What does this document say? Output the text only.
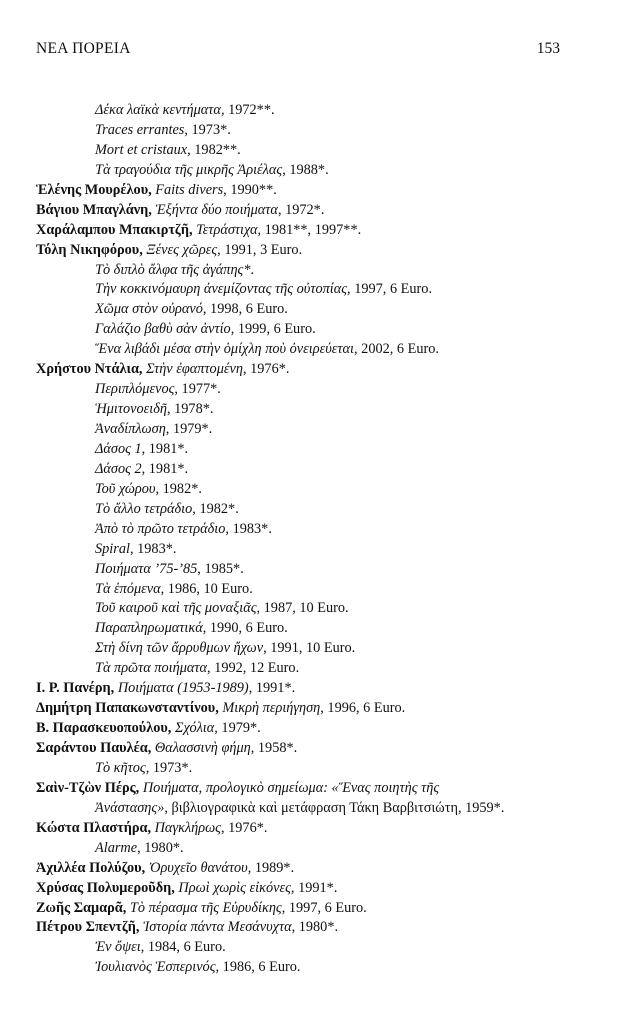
ΝΕΑ ΠΟΡΕΙΑ	153
Δέκα λαϊκὰ κεντήματα, 1972**.
Traces errantes, 1973*.
Mort et cristaux, 1982**.
Τὰ τραγούδια τῆς μικρῆς Ἀριέλας, 1988*.
Ἑλένης Μουρέλου, Faits divers, 1990**.
Βάγιου Μπαγλάνη, Ἑξήντα δύο ποιήματα, 1972*.
Χαράλαμπου Μπακιρτζῆ, Τετράστιχα, 1981**, 1997**.
Τόλη Νικηφόρου, Ξένες χῶρες, 1991, 3 Euro.
Τὸ διπλὸ ἄλφα τῆς ἀγάπης*.
Τὴν κοκκινόμαυρη ἀνεμίζοντας τῆς οὐτοπίας, 1997, 6 Euro.
Χῶμα στὸν οὐρανό, 1998, 6 Euro.
Γαλάζιο βαθὺ σὰν ἀντίο, 1999, 6 Euro.
Ἕνα λιβάδι μέσα στὴν ὁμίχλη ποὺ ὀνειρεύεται, 2002, 6 Euro.
Χρήστου Ντάλια, Στὴν ἐφαπτομένη, 1976*.
Περιπλόμενος, 1977*.
Ἡμιτονοειδῆ, 1978*.
Ἀναδίπλωση, 1979*.
Δάσος 1, 1981*.
Δάσος 2, 1981*.
Τοῦ χώρου, 1982*.
Τὸ ἄλλο τετράδιο, 1982*.
Ἀπὸ τὸ πρῶτο τετράδιο, 1983*.
Spiral, 1983*.
Ποιήματα ’75-’85, 1985*.
Τὰ ἑπόμενα, 1986, 10 Euro.
Τοῦ καιροῦ καὶ τῆς μοναξιᾶς, 1987, 10 Euro.
Παραπληρωματικά, 1990, 6 Euro.
Στὴ δίνη τῶν ἄρρυθμων ἤχων, 1991, 10 Euro.
Τὰ πρῶτα ποιήματα, 1992, 12 Euro.
I. Ρ. Πανέρη, Ποιήματα (1953-1989), 1991*.
Δημήτρη Παπακωνσταντίνου, Μικρὴ περιήγηση, 1996, 6 Euro.
B. Παρασκευοπούλου, Σχόλια, 1979*.
Σαράντου Παυλέα, Θαλασσινὴ φήμη, 1958*.
Τὸ κῆτος, 1973*.
Σαὶν-Τζὼν Πέρς, Ποιήματα, προλογικὸ σημείωμα: «Ἕνας ποιητὴς τῆς
Ἀνάστασης», βιβλιογραφικὰ καὶ μετάφραση Τάκη Βαρβιτσιώτη, 1959*.
Κώστα Πλαστήρα, Παγκλήρως, 1976*.
Alarme, 1980*.
Ἀχιλλέα Πολύζου, Ὀρυχεῖο θανάτου, 1989*.
Χρύσας Πολυμεροῦδη, Πρωὶ χωρὶς εἰκόνες, 1991*.
Ζωῆς Σαμαρᾶ, Τὸ πέρασμα τῆς Εὐρυδίκης, 1997, 6 Euro.
Πέτρου Σπεντζῆ, Ἱστορία πάντα Μεσάνυχτα, 1980*.
Ἐν ὄψει, 1984, 6 Euro.
Ἰουλιανὸς Ἑσπερινός, 1986, 6 Euro.
